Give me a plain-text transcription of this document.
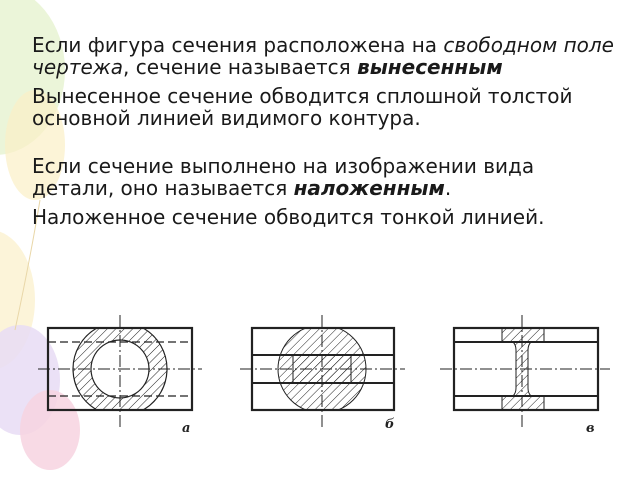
Если фигура сечения расположена на свободном поле чертежа, сечение называется вынесенным

Вынесенное сечение обводится сплошной толстой основной линией видимого контура.

Если сечение выполнено на изображении вида детали, оно называется наложенным.

Наложенное сечение обводится тонкой линией.

а	б	в
